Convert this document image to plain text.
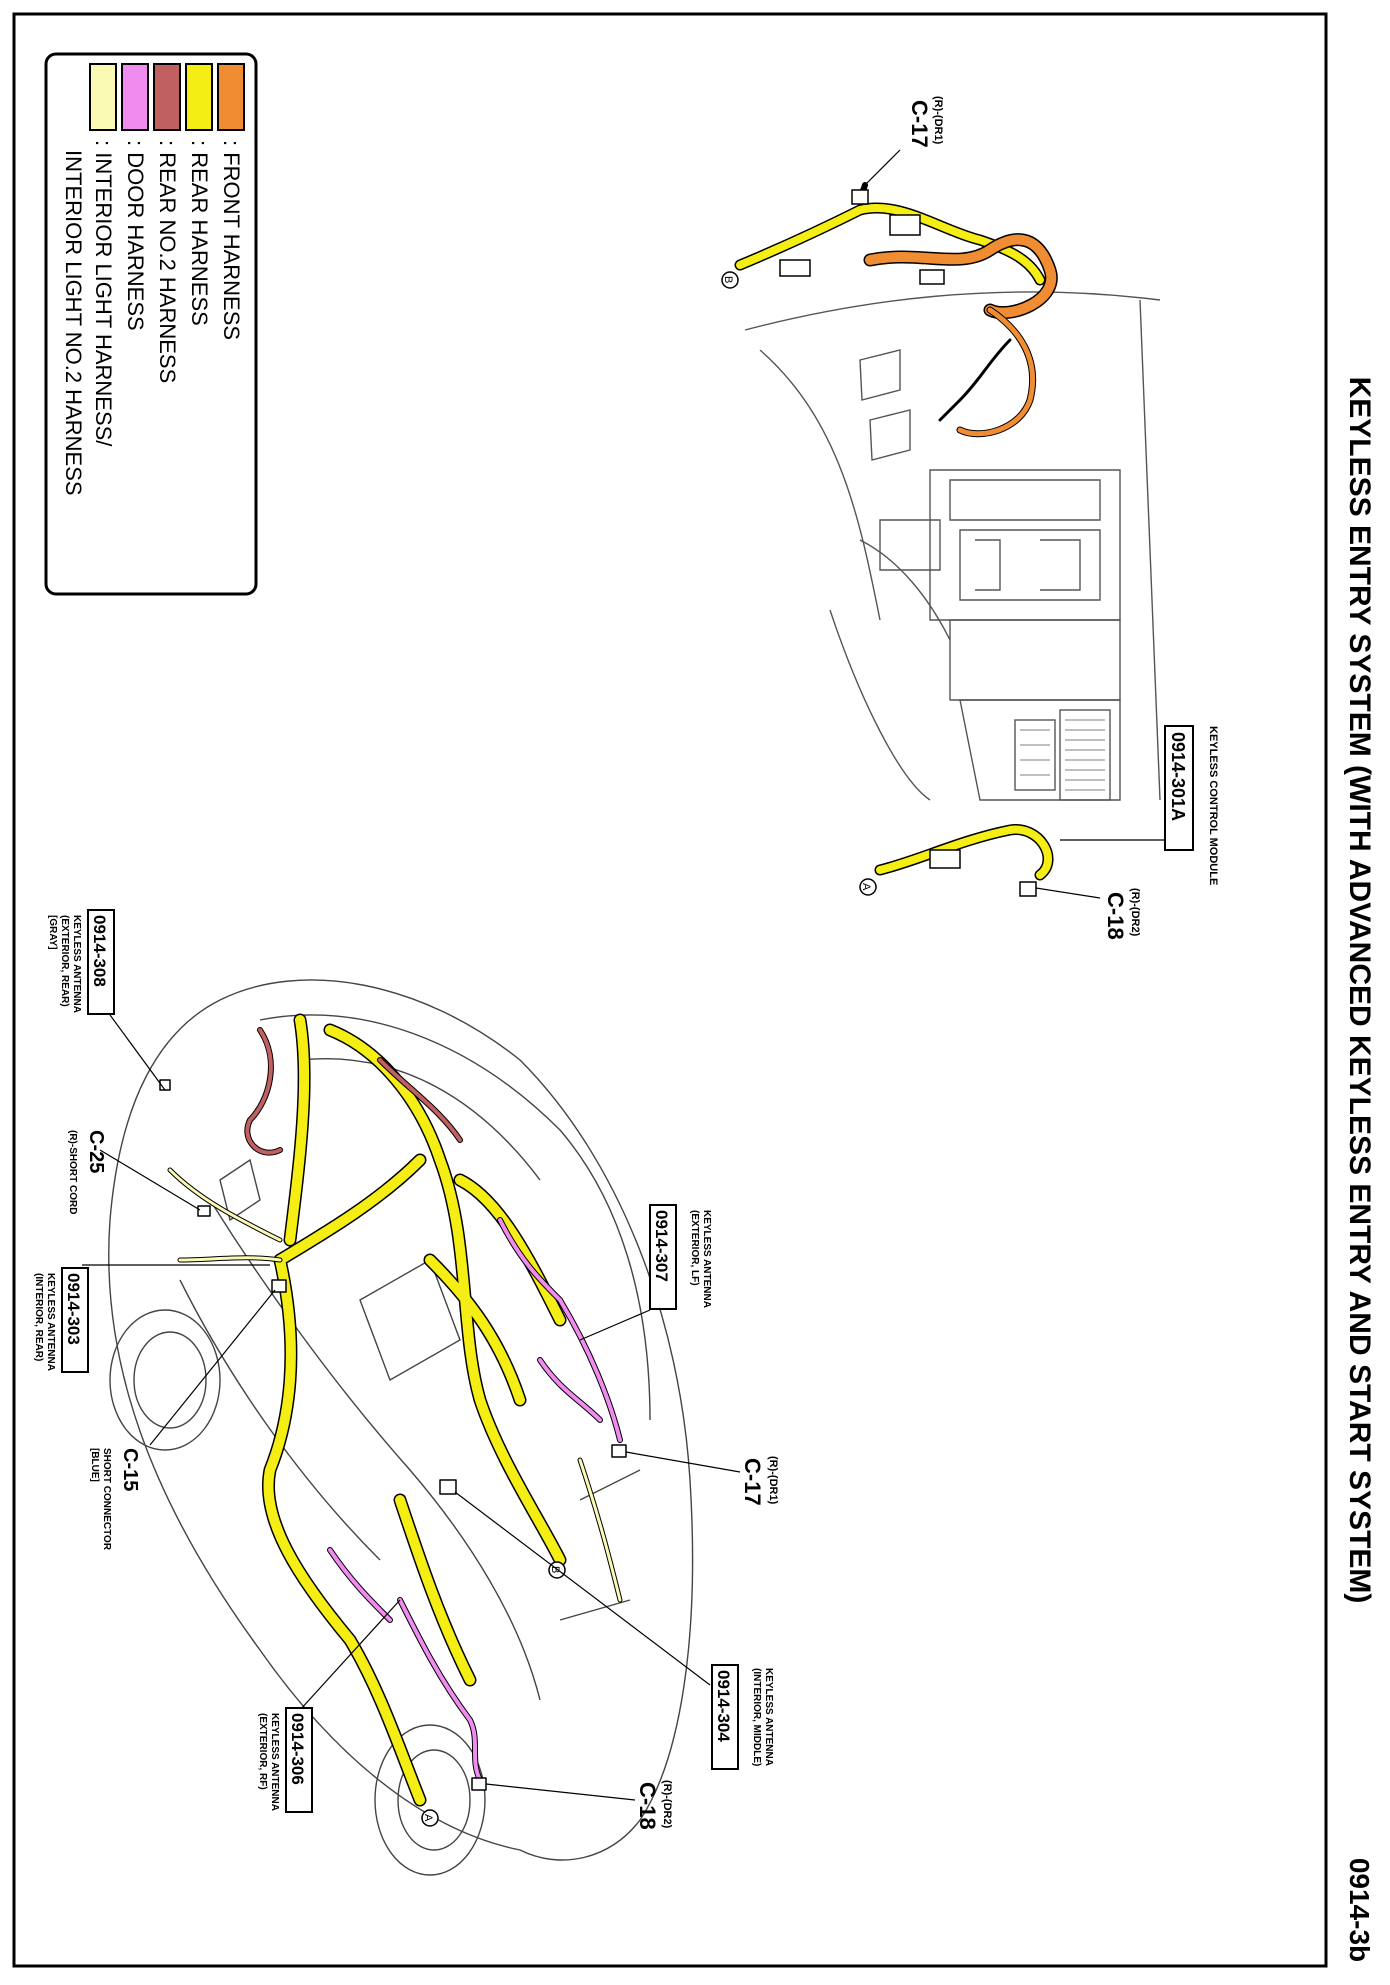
KEYLESS ENTRY SYSTEM (WITH ADVANCED KEYLESS ENTRY AND START SYSTEM)
0914-3b
: FRONT HARNESS
: REAR HARNESS
: REAR NO.2 HARNESS
: DOOR HARNESS
: INTERIOR LIGHT HARNESS/
INTERIOR LIGHT NO.2 HARNESS	B
A
C-17 (R)-(DR1)
0914-301A KEYLESS CONTROL MODULE
C-18 (R)-(DR2)
B
A
0914-308
KEYLESS ANTENNA
(EXTERIOR, REAR)
[GRAY]
C-25
(R)-SHORT CORD
0914-303
KEYLESS ANTENNA
(INTERIOR, REAR)
C-15
SHORT CONNECTOR
[BLUE]
0914-307	KEYLESS ANTENNA
(EXTERIOR, LF)
C-17 (R)-(DR1)
0914-304	KEYLESS ANTENNA
(INTERIOR, MIDDLE)
0914-306
KEYLESS ANTENNA
(EXTERIOR, RF)
C-18 (R)-(DR2)
